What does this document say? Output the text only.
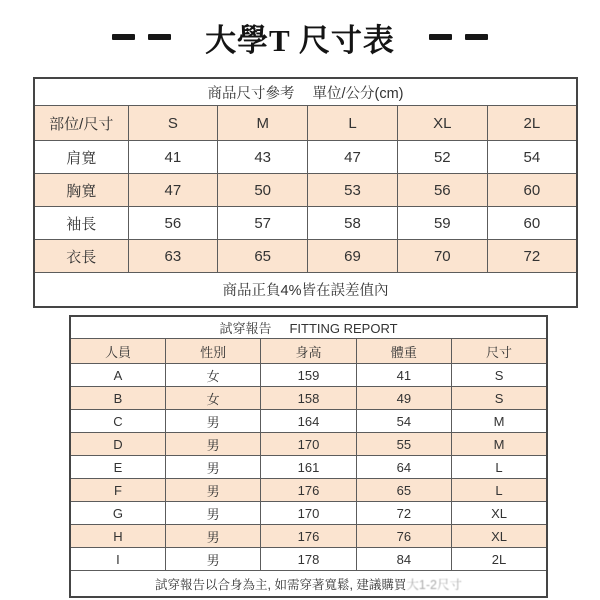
大學T 尺寸表
商品尺寸參考 單位/公分(cm)					
部位/尺寸	S	M	L	XL	2L
肩寬	41	43	47	52	54
胸寬	47	50	53	56	60
袖長	56	57	58	59	60
衣長	63	65	69	70	72
商品正負4%皆在誤差值內					
試穿報告 FITTING REPORT				
人員	性別	身高	體重	尺寸
A	女	159	41	S
B	女	158	49	S
C	男	164	54	M
D	男	170	55	M
E	男	161	64	L
F	男	176	65	L
G	男	170	72	XL
H	男	176	76	XL
I	男	178	84	2L
試穿報告以合身為主, 如需穿著寬鬆, 建議購買大1-2尺寸				
